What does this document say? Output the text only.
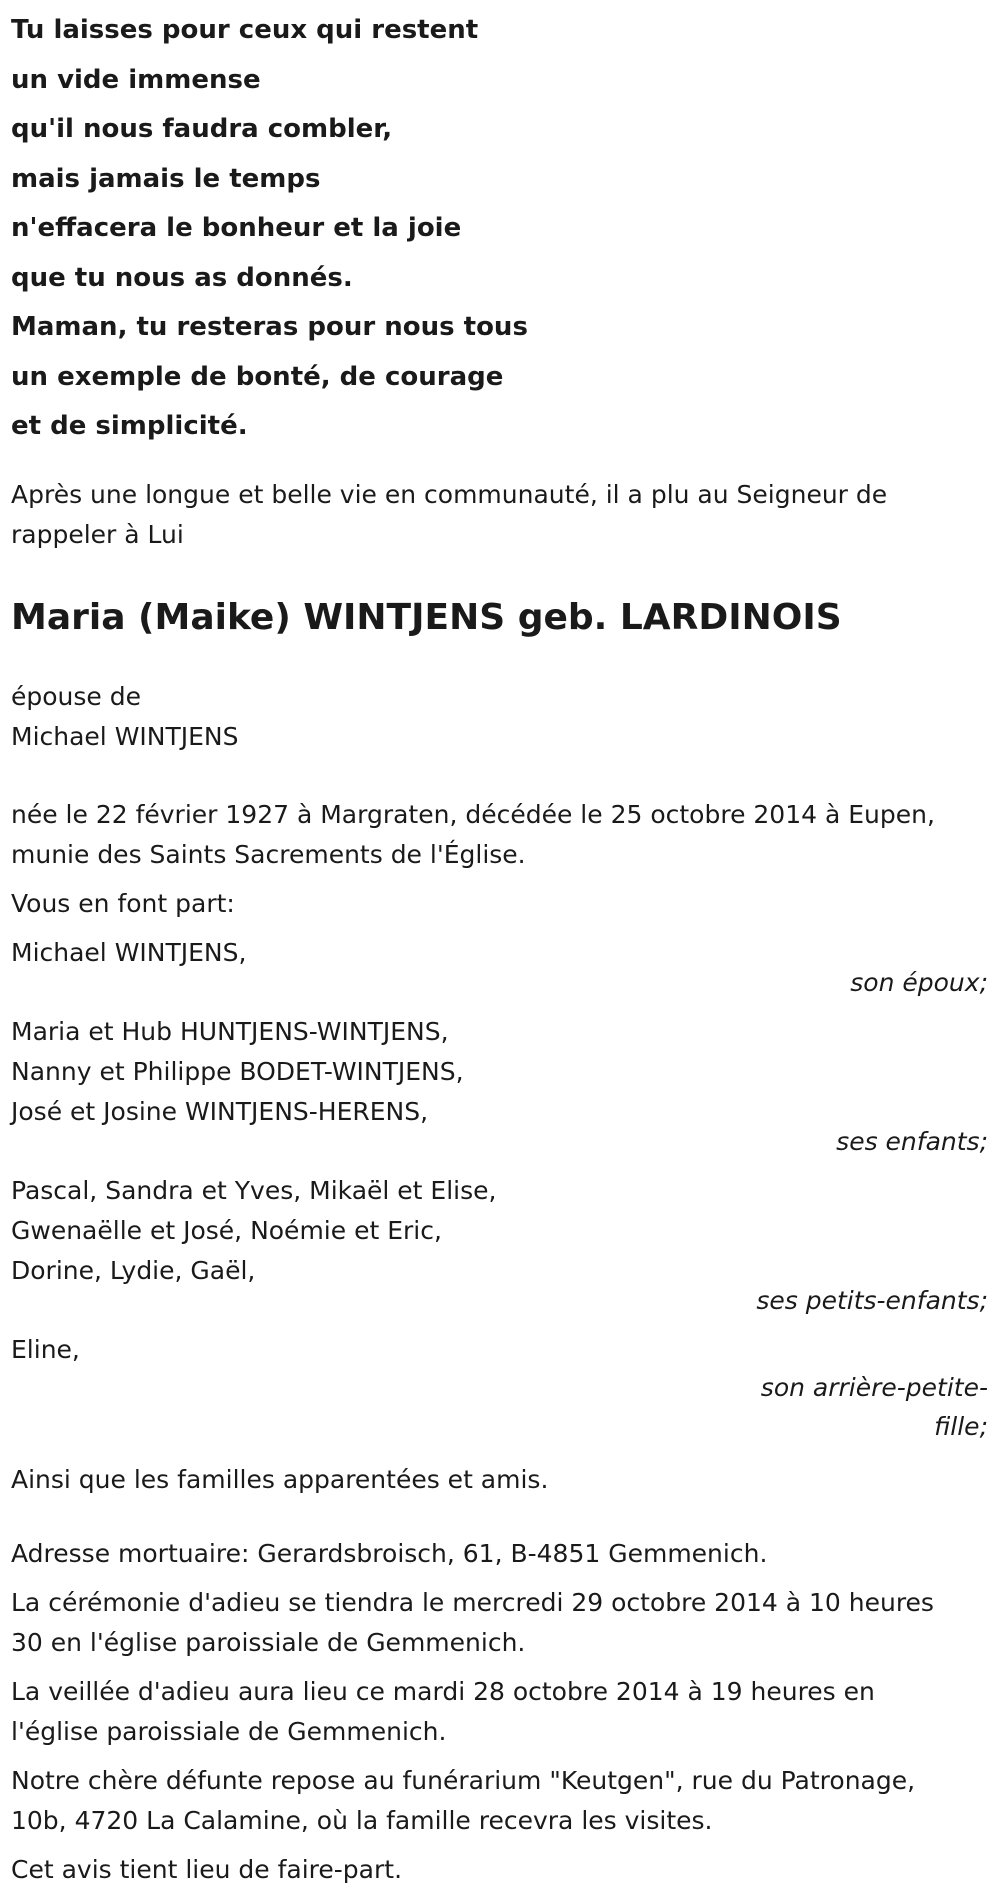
Tu laisses pour ceux qui restent
un vide immense
qu'il nous faudra combler,
mais jamais le temps
n'effacera le bonheur et la joie
que tu nous as donnés.
Maman, tu resteras pour nous tous
un exemple de bonté, de courage
et de simplicité.
Après une longue et belle vie en communauté, il a plu au Seigneur de
rappeler à Lui
Maria (Maike) WINTJENS geb. LARDINOIS
épouse de
Michael WINTJENS
née le 22 février 1927 à Margraten, décédée le 25 octobre 2014 à Eupen,
munie des Saints Sacrements de l'Église.
Vous en font part:
Michael WINTJENS,
son époux;
Maria et Hub HUNTJENS-WINTJENS,
Nanny et Philippe BODET-WINTJENS,
José et Josine WINTJENS-HERENS,
ses enfants;
Pascal, Sandra et Yves, Mikaël et Elise,
Gwenaëlle et José, Noémie et Eric,
Dorine, Lydie, Gaël,
ses petits-enfants;
Eline,
son arrière-petite-
fille;
Ainsi que les familles apparentées et amis.
Adresse mortuaire: Gerardsbroisch, 61, B-4851 Gemmenich.
La cérémonie d'adieu se tiendra le mercredi 29 octobre 2014 à 10 heures
30 en l'église paroissiale de Gemmenich.
La veillée d'adieu aura lieu ce mardi 28 octobre 2014 à 19 heures en
l'église paroissiale de Gemmenich.
Notre chère défunte repose au funérarium "Keutgen", rue du Patronage,
10b, 4720 La Calamine, où la famille recevra les visites.
Cet avis tient lieu de faire-part.
